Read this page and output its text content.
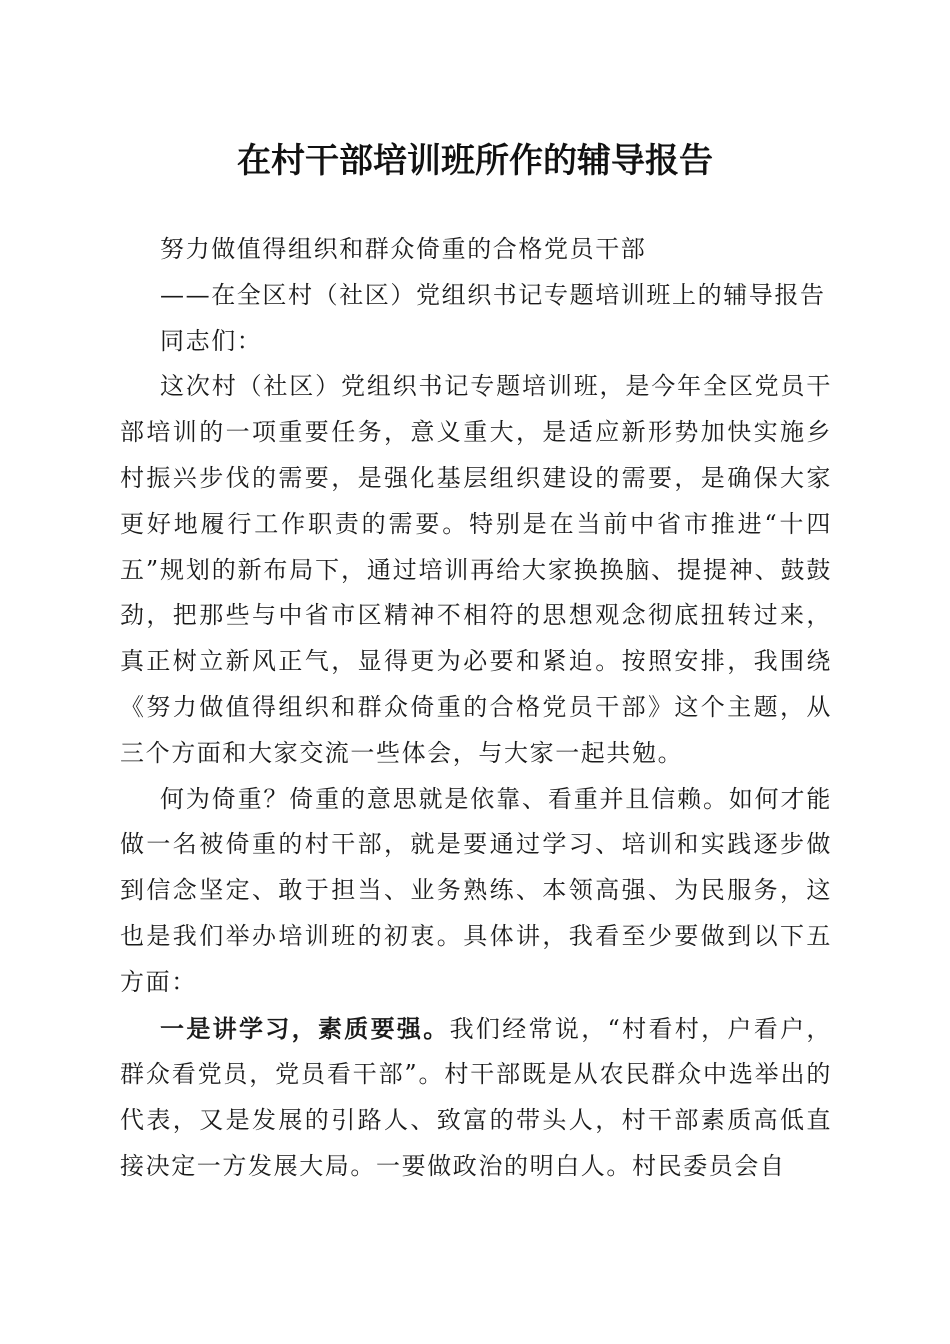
在村干部培训班所作的辅导报告

努力做值得组织和群众倚重的合格党员干部

——在全区村（社区）党组织书记专题培训班上的辅导报告

同志们：

这次村（社区）党组织书记专题培训班，是今年全区党员干部培训的一项重要任务，意义重大，是适应新形势加快实施乡村振兴步伐的需要，是强化基层组织建设的需要，是确保大家更好地履行工作职责的需要。特别是在当前中省市推进“十四五”规划的新布局下，通过培训再给大家换换脑、提提神、鼓鼓劲，把那些与中省市区精神不相符的思想观念彻底扭转过来，真正树立新风正气，显得更为必要和紧迫。按照安排，我围绕《努力做值得组织和群众倚重的合格党员干部》这个主题，从三个方面和大家交流一些体会，与大家一起共勉。

何为倚重？倚重的意思就是依靠、看重并且信赖。如何才能做一名被倚重的村干部，就是要通过学习、培训和实践逐步做到信念坚定、敢于担当、业务熟练、本领高强、为民服务，这也是我们举办培训班的初衷。具体讲，我看至少要做到以下五方面：

一是讲学习，素质要强。我们经常说，“村看村，户看户，群众看党员，党员看干部”。村干部既是从农民群众中选举出的代表，又是发展的引路人、致富的带头人，村干部素质高低直接决定一方发展大局。一要做政治的明白人。村民委员会自
